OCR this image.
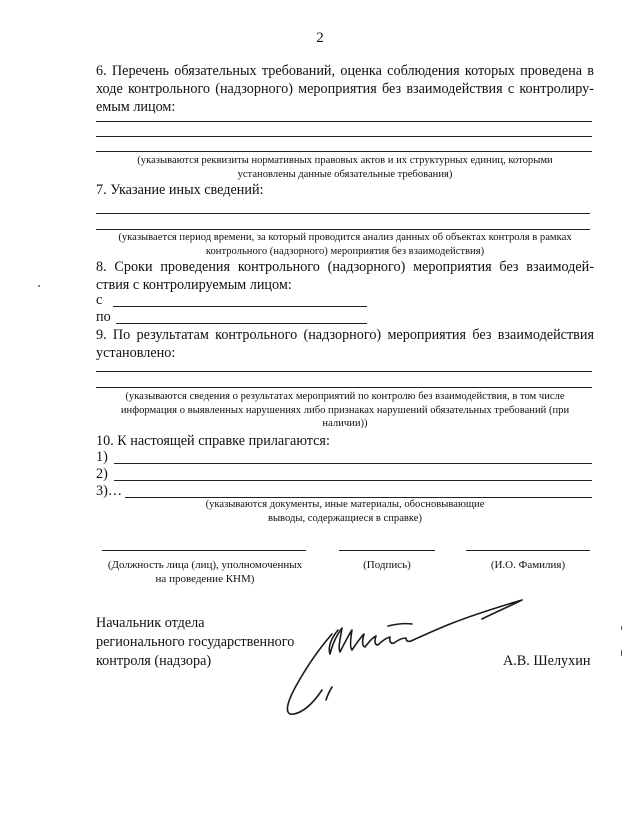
2
6. Перечень обязательных требований, оценка соблюдения которых проведена в ходе контрольного (надзорного) мероприятия без взаимодействия с контролиру-емым лицом:
(указываются реквизиты нормативных правовых актов и их структурных единиц, которыми установлены данные обязательные требования)
7. Указание иных сведений:
(указывается период времени, за который проводится анализ данных об объектах контроля в рамках контрольного (надзорного) мероприятия без взаимодействия)
8. Сроки проведения контрольного (надзорного) мероприятия без взаимодей-ствия с контролируемым лицом:
с
по
9. По результатам контрольного (надзорного) мероприятия без взаимодействия установлено:
(указываются сведения о результатах мероприятий по контролю без взаимодействия, в том числе информация о выявленных нарушениях либо признаках нарушений обязательных требований (при наличии))
10. К настоящей справке прилагаются:
1)
2)
3)…
(указываются документы, иные материалы, обосновывающие выводы, содержащиеся в справке)
(Должность лица (лиц), уполномоченных на проведение КНМ)
(Подпись)	(И.О. Фамилия)
Начальник отдела
регионального государственного
контроля (надзора)	А.В. Шелухин
